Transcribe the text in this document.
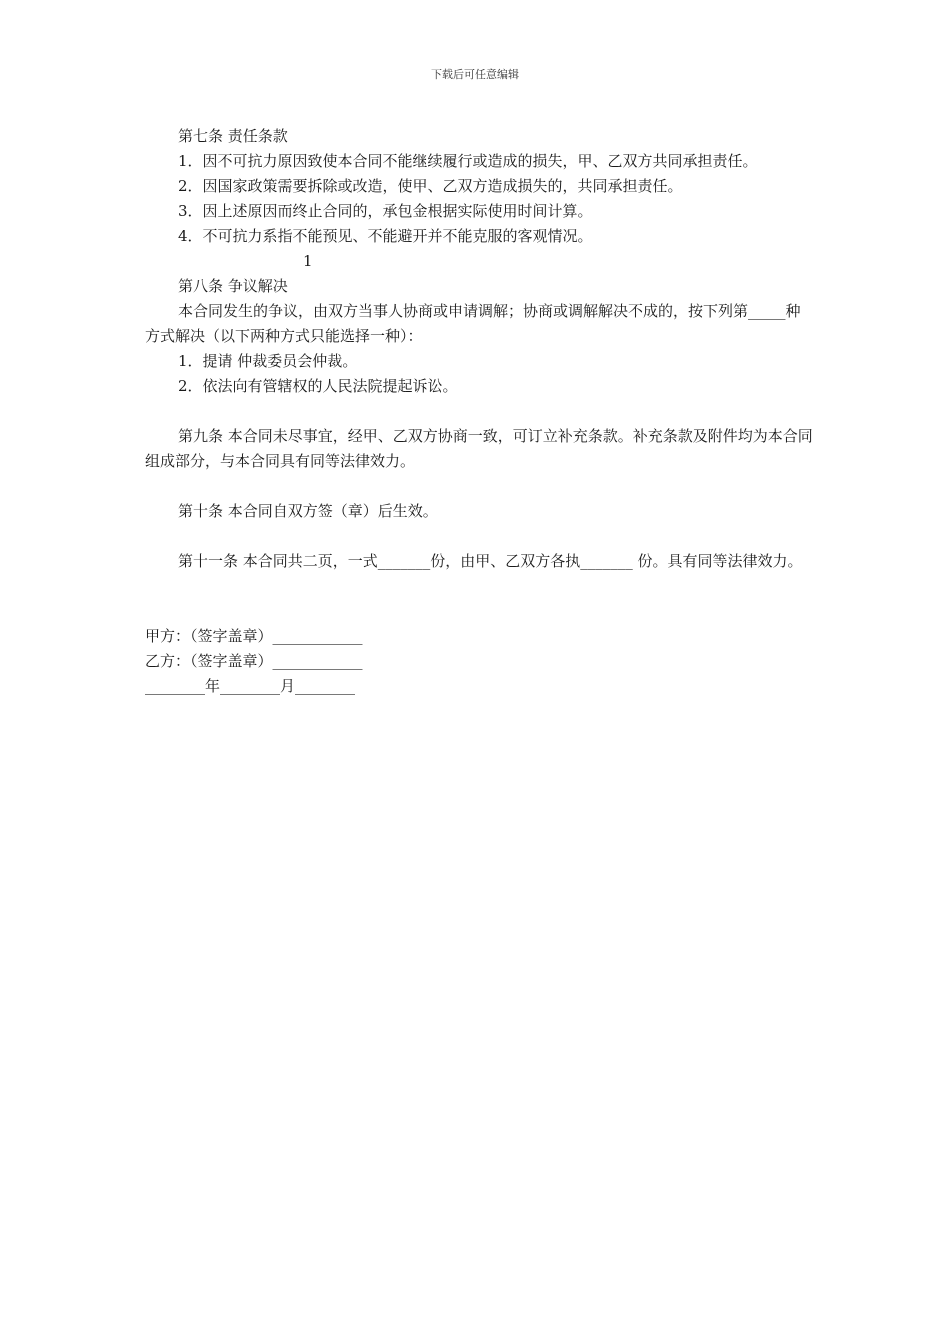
下载后可任意编辑
第七条 责任条款
1．因不可抗力原因致使本合同不能继续履行或造成的损失，甲、乙双方共同承担责任。
2．因国家政策需要拆除或改造，使甲、乙双方造成损失的，共同承担责任。
3．因上述原因而终止合同的，承包金根据实际使用时间计算。
4．不可抗力系指不能预见、不能避开并不能克服的客观情况。
1
第八条 争议解决
本合同发生的争议，由双方当事人协商或申请调解；协商或调解解决不成的，按下列第_____种方式解决（以下两种方式只能选择一种）：
1．提请 仲裁委员会仲裁。
2．依法向有管辖权的人民法院提起诉讼。
第九条 本合同未尽事宜，经甲、乙双方协商一致，可订立补充条款。补充条款及附件均为本合同组成部分，与本合同具有同等法律效力。
第十条 本合同自双方签（章）后生效。
第十一条 本合同共二页，一式_______份，由甲、乙双方各执_______ 份。具有同等法律效力。
甲方：（签字盖章）____________
乙方：（签字盖章）____________
________年________月________
